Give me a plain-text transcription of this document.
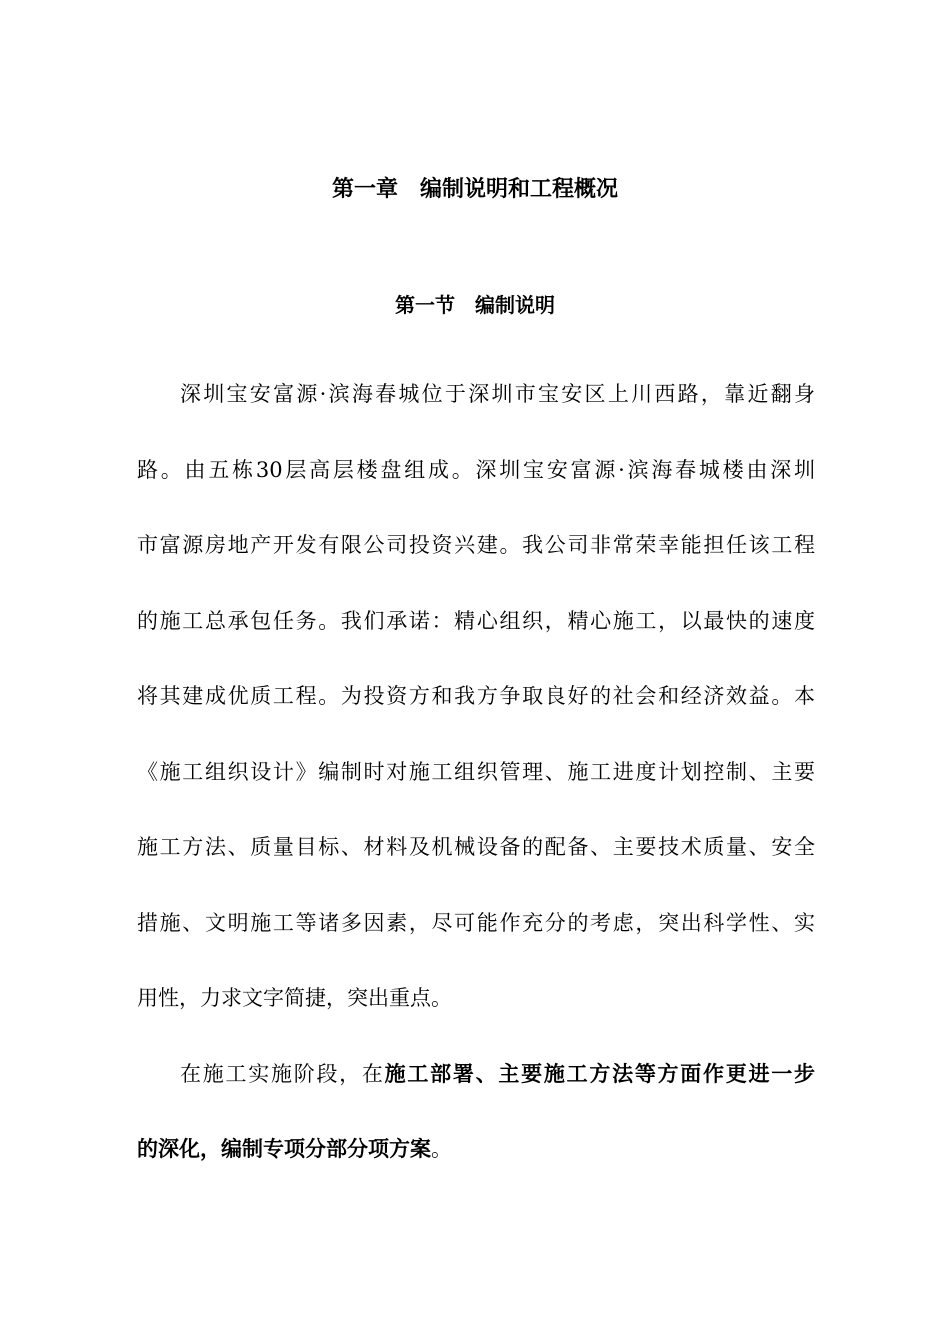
第一章　编制说明和工程概况
第一节　编制说明
深圳宝安富源·滨海春城位于深圳市宝安区上川西路，靠近翻身
路。由五栋30层高层楼盘组成。深圳宝安富源·滨海春城楼由深圳
市富源房地产开发有限公司投资兴建。我公司非常荣幸能担任该工程
的施工总承包任务。我们承诺：精心组织，精心施工，以最快的速度
将其建成优质工程。为投资方和我方争取良好的社会和经济效益。本
《施工组织设计》编制时对施工组织管理、施工进度计划控制、主要
施工方法、质量目标、材料及机械设备的配备、主要技术质量、安全
措施、文明施工等诸多因素，尽可能作充分的考虑，突出科学性、实
用性，力求文字简捷，突出重点。
在施工实施阶段，在施工部署、主要施工方法等方面作更进一步
的深化，编制专项分部分项方案。
